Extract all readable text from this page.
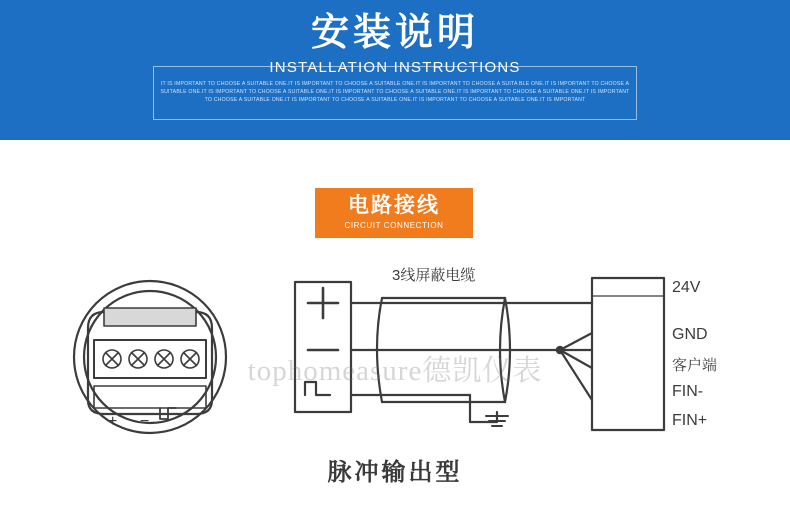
安装说明
INSTALLATION INSTRUCTIONS
IT IS IMPORTANT TO CHOOSE A SUITABLE ONE.IT IS IMPORTANT TO CHOOSE A SUITABLE ONE.IT IS IMPORTANT TO CHOOSE A SUITA BLE ONE.IT IS IMPORTANT TO CHOOSE A SUITABLE ONE.IT IS IMPORTANT TO CHOOSE A SUITABLE ONE.IT IS IMPORTANT TO CHOOSE A SUITABLE ONE.IT IS IMPORTANT TO CHOOSE A SUITABLE ONE.IT IS IMPORTANT TO CHOOSE A SUITABLE ONE.IT IS IMPORTANT TO CHOOSE A SUITABLE ONE.IT IS IMPORTANT TO CHOOSE A SUITABLE ONE.IT IS IMPORTANT
电路接线
CIRCUIT CONNECTION
3线屏蔽电缆
24V
GND
客户端
FIN-
FIN+
+ −
tophomeasure德凯仪表
脉冲输出型
